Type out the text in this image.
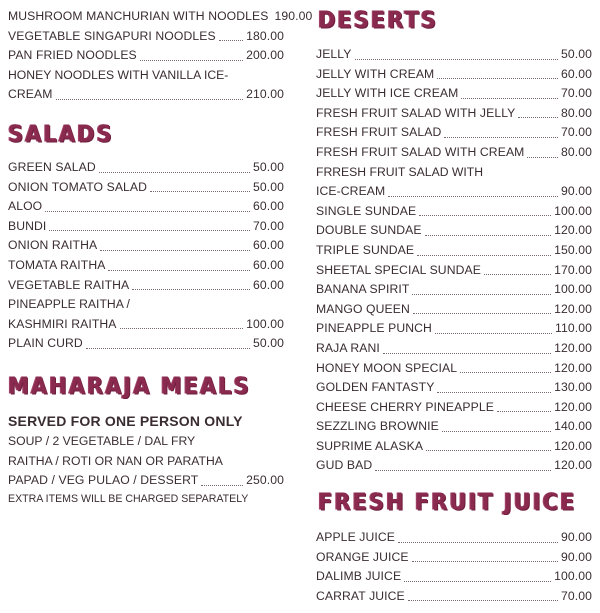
MUSHROOM MANCHURIAN WITH NOODLES 190.00
VEGETABLE SINGAPURI NOODLES 180.00
PAN FRIED NOODLES	200.00
HONEY NOODLES WITH VANILLA ICE-
CREAM	210.00
SALADS
GREEN SALAD	50.00
ONION TOMATO SALAD	50.00
ALOO	60.00
BUNDI	70.00
ONION RAITHA	60.00
TOMATA RAITHA	60.00
VEGETABLE RAITHA	60.00
PINEAPPLE RAITHA /
KASHMIRI RAITHA	100.00
PLAIN CURD	50.00
MAHARAJA MEALS
SERVED FOR ONE PERSON ONLY
SOUP / 2 VEGETABLE / DAL FRY
RAITHA / ROTI OR NAN OR PARATHA
PAPAD / VEG PULAO / DESSERT	250.00
EXTRA ITEMS WILL BE CHARGED SEPARATELY
DESERTS
JELLY	50.00
JELLY WITH CREAM	60.00
JELLY WITH ICE CREAM	70.00
FRESH FRUIT SALAD WITH JELLY	80.00
FRESH FRUIT SALAD	70.00
FRESH FRUIT SALAD WITH CREAM	80.00
FRRESH FRUIT SALAD WITH
ICE-CREAM	90.00
SINGLE SUNDAE	100.00
DOUBLE SUNDAE	120.00
TRIPLE SUNDAE	150.00
SHEETAL SPECIAL SUNDAE	170.00
BANANA SPIRIT	100.00
MANGO QUEEN	120.00
PINEAPPLE PUNCH	110.00
RAJA RANI	120.00
HONEY MOON SPECIAL	120.00
GOLDEN FANTASTY	130.00
CHEESE CHERRY PINEAPPLE	120.00
SEZZLING BROWNIE	140.00
SUPRIME ALASKA	120.00
GUD BAD	120.00
FRESH FRUIT JUICE
APPLE JUICE	90.00
ORANGE JUICE	90.00
DALIMB JUICE	100.00
CARRAT JUICE	70.00
